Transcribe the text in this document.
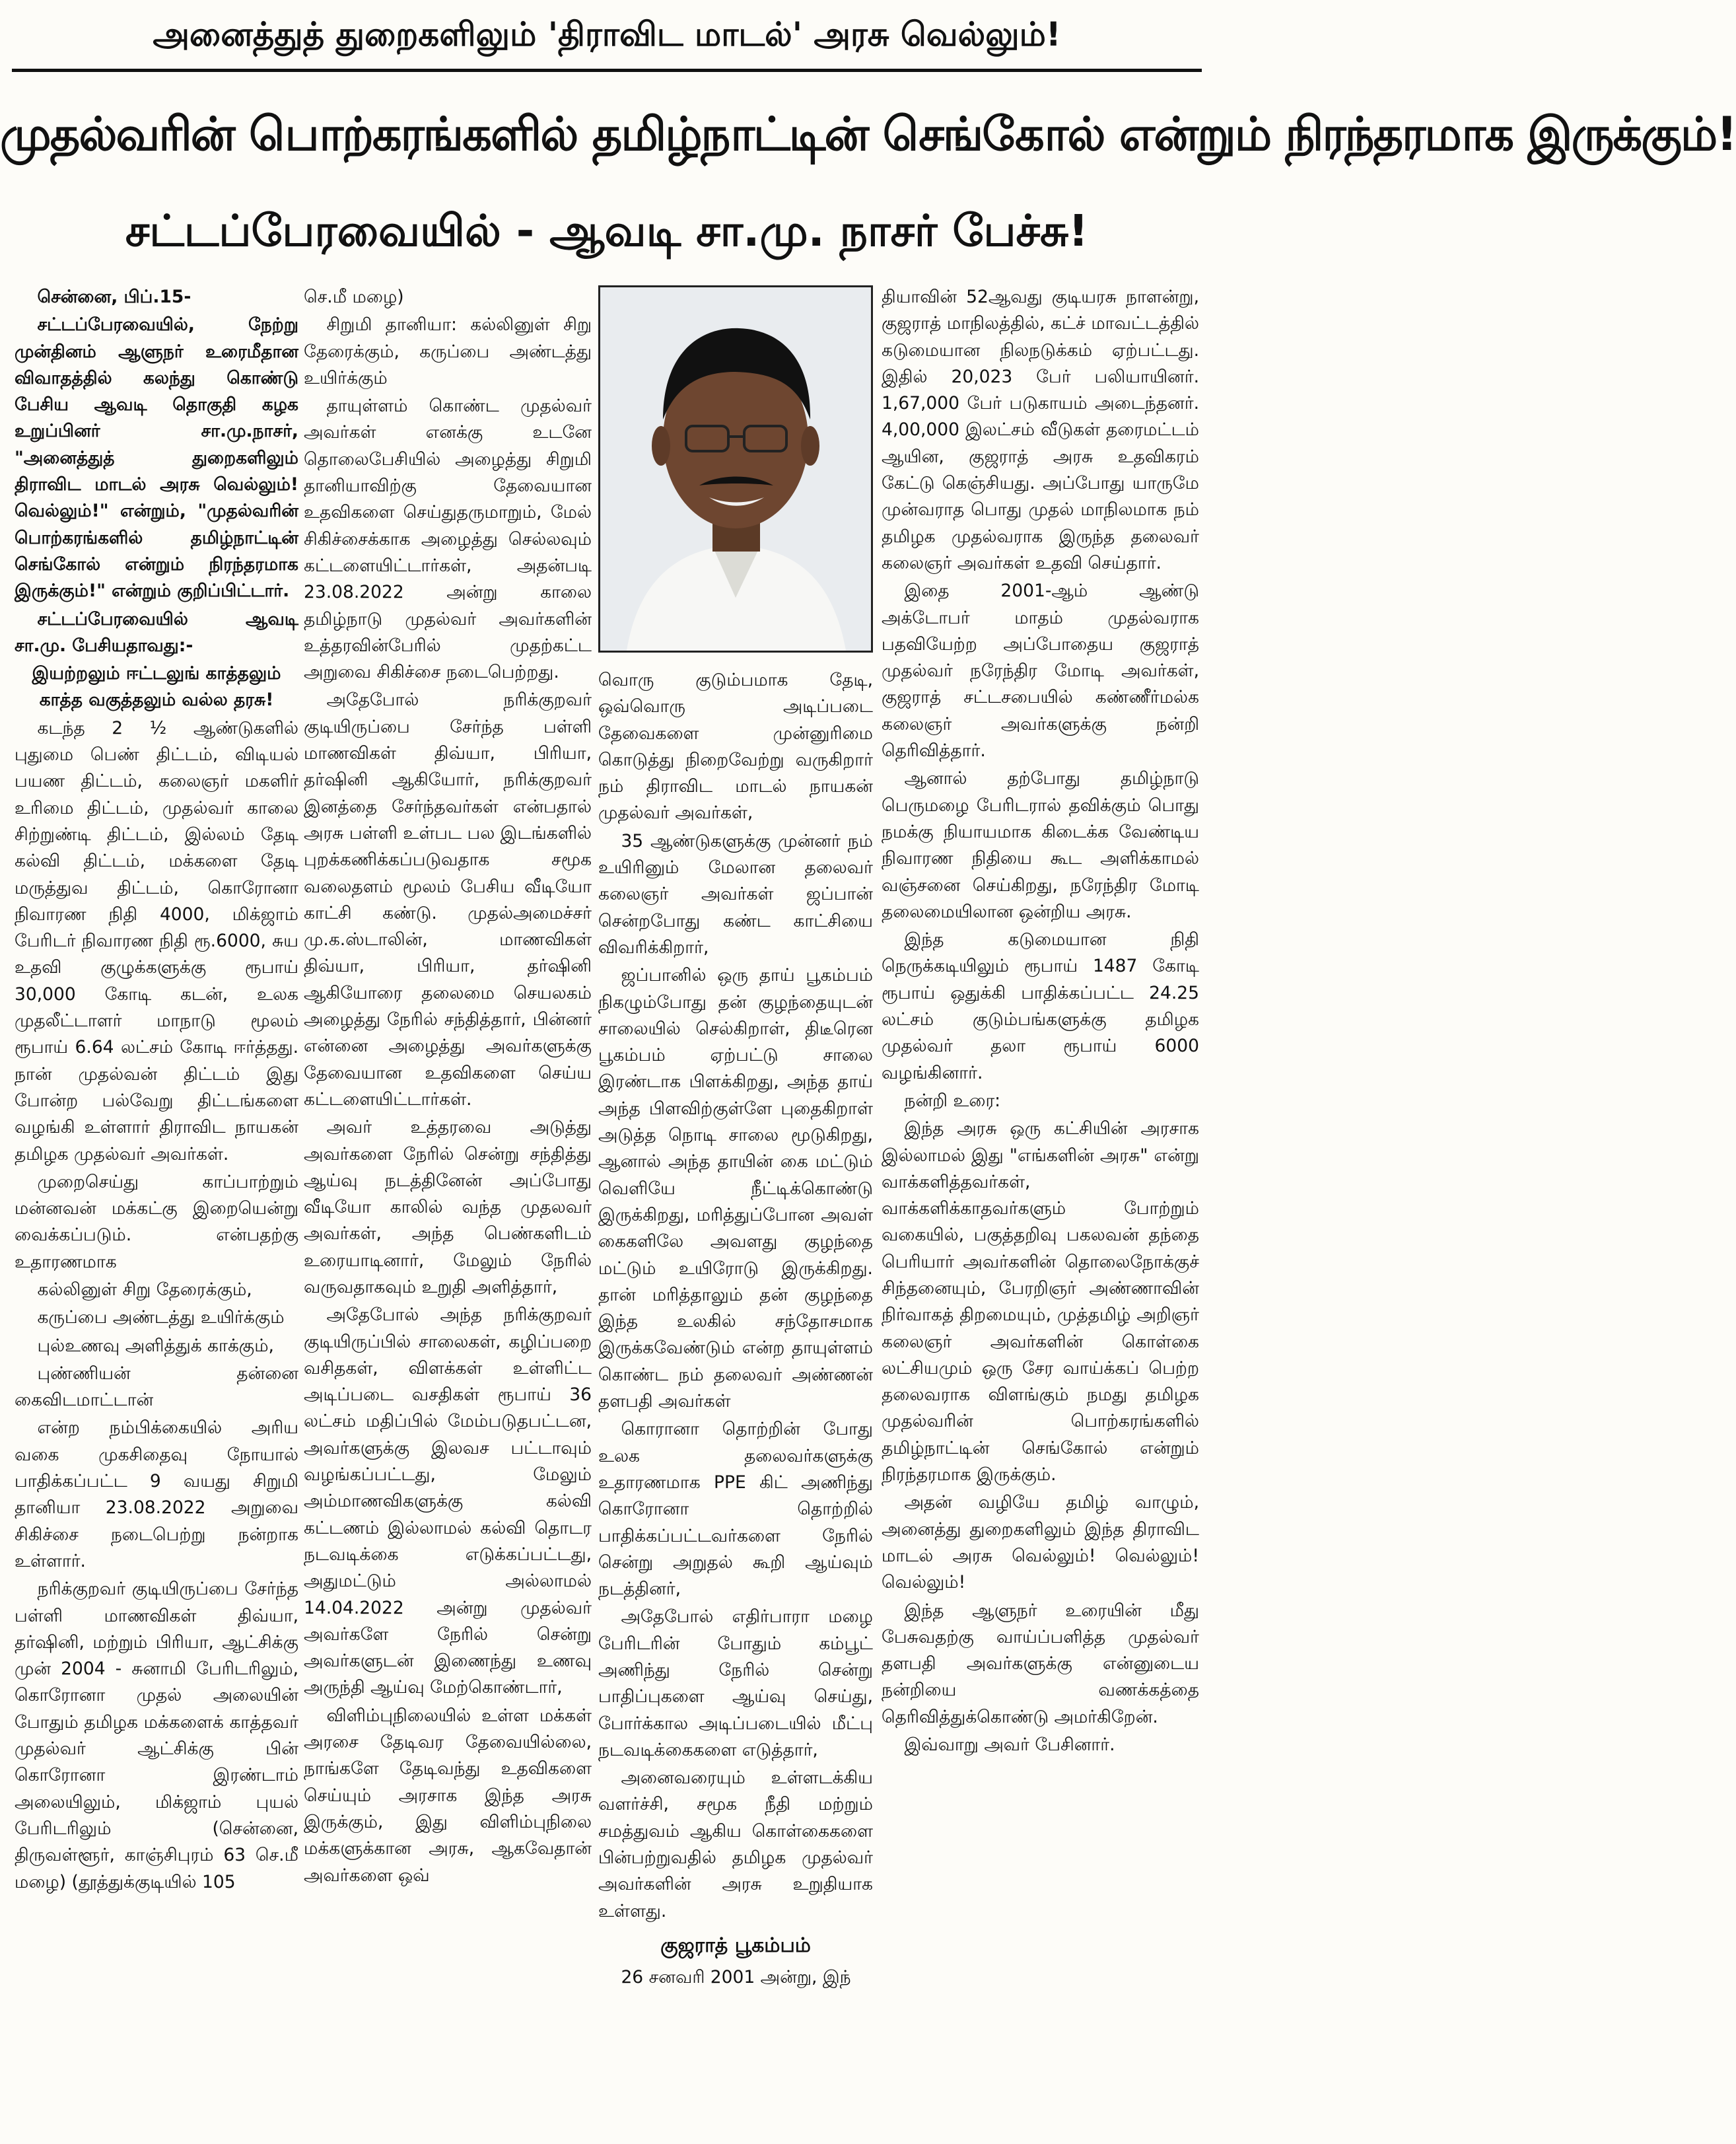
அனைத்துத் துறைகளிலும் 'திராவிட மாடல்' அரசு வெல்லும்!
முதல்வரின் பொற்கரங்களில் தமிழ்நாட்டின் செங்கோல் என்றும் நிரந்தரமாக இருக்கும்!
சட்டப்பேரவையில் - ஆவடி சா.மு. நாசர் பேச்சு!

சென்னை, பிப்.15-

சட்டப்பேரவையில், நேற்று முன்தினம் ஆளுநர் உரைமீதான விவாதத்தில் கலந்து கொண்டு பேசிய ஆவடி தொகுதி கழக உறுப்பினர் சா.மு.நாசர், "அனைத்துத் துறைகளிலும் திராவிட மாடல் அரசு வெல்லும்! வெல்லும்!" என்றும், "முதல்வரின் பொற்கரங்களில் தமிழ்நாட்டின் செங்கோல் என்றும் நிரந்தரமாக இருக்கும்!" என்றும் குறிப்பிட்டார்.

சட்டப்பேரவையில் ஆவடி சா.மு. பேசியதாவது:-

இயற்றலும் ஈட்டலுங் காத்தலும் காத்த வகுத்தலும் வல்ல தரசு!

கடந்த 2 ½ ஆண்டுகளில் புதுமை பெண் திட்டம், விடியல் பயண திட்டம், கலைஞர் மகளிர் உரிமை திட்டம், முதல்வர் காலை சிற்றுண்டி திட்டம், இல்லம் தேடி கல்வி திட்டம், மக்களை தேடி மருத்துவ திட்டம், கொரோனா நிவாரண நிதி 4000, மிக்ஜாம் பேரிடர் நிவாரண நிதி ரூ.6000, சுய உதவி குழுக்களுக்கு ரூபாய் 30,000 கோடி கடன், உலக முதலீட்டாளர் மாநாடு மூலம் ரூபாய் 6.64 லட்சம் கோடி ஈர்த்தது. நான் முதல்வன் திட்டம் இது போன்ற பல்வேறு திட்டங்களை வழங்கி உள்ளார் திராவிட நாயகன் தமிழக முதல்வர் அவர்கள்.

முறைசெய்து காப்பாற்றும் மன்னவன் மக்கட்கு இறையென்று வைக்கப்படும். என்பதற்கு உதாரணமாக

கல்லினுள் சிறு தேரைக்கும்,

கருப்பை அண்டத்து உயிர்க்கும்

புல்உணவு அளித்துக் காக்கும்,

புண்ணியன் தன்னை கைவிடமாட்டான்

என்ற நம்பிக்கையில் அரிய வகை முகசிதைவு நோயால் பாதிக்கப்பட்ட 9 வயது சிறுமி தானியா 23.08.2022 அறுவை சிகிச்சை நடைபெற்று நன்றாக உள்ளார்.

நரிக்குறவர் குடியிருப்பை சேர்ந்த பள்ளி மாணவிகள் திவ்யா, தர்ஷினி, மற்றும் பிரியா, ஆட்சிக்கு முன் 2004 - சுனாமி பேரிடரிலும், கொரோனா முதல் அலையின் போதும் தமிழக மக்களைக் காத்தவர் முதல்வர் ஆட்சிக்கு பின் கொரோனா இரண்டாம் அலையிலும், மிக்ஜாம் புயல் பேரிடரிலும் (சென்னை, திருவள்ளூர், காஞ்சிபுரம் 63 செ.மீ மழை) (தூத்துக்குடியில் 105

செ.மீ மழை)

சிறுமி தானியா: கல்லினுள் சிறு தேரைக்கும், கருப்பை அண்டத்து உயிர்க்கும்

தாயுள்ளம் கொண்ட முதல்வர் அவர்கள் எனக்கு உடனே தொலைபேசியில் அழைத்து சிறுமி தானியாவிற்கு தேவையான உதவிகளை செய்துதருமாறும், மேல் சிகிச்சைக்காக அழைத்து செல்லவும் கட்டளையிட்டார்கள், அதன்படி 23.08.2022 அன்று காலை தமிழ்நாடு முதல்வர் அவர்களின் உத்தரவின்பேரில் முதற்கட்ட அறுவை சிகிச்சை நடைபெற்றது.

அதேபோல் நரிக்குறவர் குடியிருப்பை சேர்ந்த பள்ளி மாணவிகள் திவ்யா, பிரியா, தர்ஷினி ஆகியோர், நரிக்குறவர் இனத்தை சேர்ந்தவர்கள் என்பதால் அரசு பள்ளி உள்பட பல இடங்களில் புறக்கணிக்கப்படுவதாக சமூக வலைதளம் மூலம் பேசிய வீடியோ காட்சி கண்டு. முதல்அமைச்சர் மு.க.ஸ்டாலின், மாணவிகள் திவ்யா, பிரியா, தர்ஷினி ஆகியோரை தலைமை செயலகம் அழைத்து நேரில் சந்தித்தார், பின்னர் என்னை அழைத்து அவர்களுக்கு தேவையான உதவிகளை செய்ய கட்டளையிட்டார்கள்.

அவர் உத்தரவை அடுத்து அவர்களை நேரில் சென்று சந்தித்து ஆய்வு நடத்தினேன் அப்போது வீடியோ காலில் வந்த முதலவர் அவர்கள், அந்த பெண்களிடம் உரையாடினார், மேலும் நேரில் வருவதாகவும் உறுதி அளித்தார்,

அதேபோல் அந்த நரிக்குறவர் குடியிருப்பில் சாலைகள், கழிப்பறை வசிதகள், விளக்கள் உள்ளிட்ட அடிப்படை வசதிகள் ரூபாய் 36 லட்சம் மதிப்பில் மேம்படுதபட்டன, அவர்களுக்கு இலவச பட்டாவும் வழங்கப்பட்டது, மேலும் அம்மாணவிகளுக்கு கல்வி கட்டணம் இல்லாமல் கல்வி தொடர நடவடிக்கை எடுக்கப்பட்டது, அதுமட்டும் அல்லாமல் 14.04.2022 அன்று முதல்வர் அவர்களே நேரில் சென்று அவர்களுடன் இணைந்து உணவு அருந்தி ஆய்வு மேற்கொண்டார்,

விளிம்புநிலையில் உள்ள மக்கள் அரசை தேடிவர தேவையில்லை, நாங்களே தேடிவந்து உதவிகளை செய்யும் அரசாக இந்த அரசு இருக்கும், இது விளிம்புநிலை மக்களுக்கான அரசு, ஆகவேதான் அவர்களை ஒவ்

வொரு குடும்பமாக தேடி, ஒவ்வொரு அடிப்படை தேவைகளை முன்னுரிமை கொடுத்து நிறைவேற்று வருகிறார் நம் திராவிட மாடல் நாயகன் முதல்வர் அவர்கள்,

35 ஆண்டுகளுக்கு முன்னர் நம் உயிரினும் மேலான தலைவர் கலைஞர் அவர்கள் ஜப்பான் சென்றபோது கண்ட காட்சியை விவரிக்கிறார்,

ஜப்பானில் ஒரு தாய் பூகம்பம் நிகழும்போது தன் குழந்தையுடன் சாலையில் செல்கிறாள், திடீரென பூகம்பம் ஏற்பட்டு சாலை இரண்டாக பிளக்கிறது, அந்த தாய் அந்த பிளவிற்குள்ளே புதைகிறாள் அடுத்த நொடி சாலை மூடுகிறது, ஆனால் அந்த தாயின் கை மட்டும் வெளியே நீட்டிக்கொண்டு இருக்கிறது, மரித்துப்போன அவள் கைகளிலே அவளது குழந்தை மட்டும் உயிரோடு இருக்கிறது. தான் மரித்தாலும் தன் குழந்தை இந்த உலகில் சந்தோசமாக இருக்கவேண்டும் என்ற தாயுள்ளம் கொண்ட நம் தலைவர் அண்ணன் தளபதி அவர்கள்

கொரானா தொற்றின் போது உலக தலைவர்களுக்கு உதாரணமாக PPE கிட் அணிந்து கொரோனா தொற்றில் பாதிக்கப்பட்டவர்களை நேரில் சென்று அறுதல் கூறி ஆய்வும் நடத்தினர்,

அதேபோல் எதிர்பாரா மழை பேரிடரின் போதும் கம்பூட் அணிந்து நேரில் சென்று பாதிப்புகளை ஆய்வு செய்து, போர்க்கால அடிப்படையில் மீட்பு நடவடிக்கைகளை எடுத்தார்,

அனைவரையும் உள்ளடக்கிய வளர்ச்சி, சமூக நீதி மற்றும் சமத்துவம் ஆகிய கொள்கைகளை பின்பற்றுவதில் தமிழக முதல்வர் அவர்களின் அரசு உறுதியாக உள்ளது.

குஜராத் பூகம்பம்

26 சனவரி 2001 அன்று, இந்

தியாவின் 52ஆவது குடியரசு நாளன்று, குஜராத் மாநிலத்தில், கட்ச் மாவட்டத்தில் கடுமையான நிலநடுக்கம் ஏற்பட்டது. இதில் 20,023 பேர் பலியாயினர். 1,67,000 பேர் படுகாயம் அடைந்தனர். 4,00,000 இலட்சம் வீடுகள் தரைமட்டம் ஆயின, குஜராத் அரசு உதவிகரம் கேட்டு கெஞ்சியது. அப்போது யாருமே முன்வராத பொது முதல் மாநிலமாக நம் தமிழக முதல்வராக இருந்த தலைவர் கலைஞர் அவர்கள் உதவி செய்தார்.

இதை 2001-ஆம் ஆண்டு அக்டோபர் மாதம் முதல்வராக பதவியேற்ற அப்போதைய குஜராத் முதல்வர் நரேந்திர மோடி அவர்கள், குஜராத் சட்டசபையில் கண்ணீர்மல்க கலைஞர் அவர்களுக்கு நன்றி தெரிவித்தார்.

ஆனால் தற்போது தமிழ்நாடு பெருமழை பேரிடரால் தவிக்கும் பொது நமக்கு நியாயமாக கிடைக்க வேண்டிய நிவாரண நிதியை கூட அளிக்காமல் வஞ்சனை செய்கிறது, நரேந்திர மோடி தலைமையிலான ஒன்றிய அரசு.

இந்த கடுமையான நிதி நெருக்கடியிலும் ரூபாய் 1487 கோடி ரூபாய் ஒதுக்கி பாதிக்கப்பட்ட 24.25 லட்சம் குடும்பங்களுக்கு தமிழக முதல்வர் தலா ரூபாய் 6000 வழங்கினார்.

நன்றி உரை:

இந்த அரசு ஒரு கட்சியின் அரசாக இல்லாமல் இது "எங்களின் அரசு" என்று வாக்களித்தவர்கள், வாக்களிக்காதவர்களும் போற்றும் வகையில், பகுத்தறிவு பகலவன் தந்தை பெரியார் அவர்களின் தொலைநோக்குச் சிந்தனையும், பேரறிஞர் அண்ணாவின் நிர்வாகத் திறமையும், முத்தமிழ் அறிஞர் கலைஞர் அவர்களின் கொள்கை லட்சியமும் ஒரு சேர வாய்க்கப் பெற்ற தலைவராக விளங்கும் நமது தமிழக முதல்வரின் பொற்கரங்களில் தமிழ்நாட்டின் செங்கோல் என்றும் நிரந்தரமாக இருக்கும்.

அதன் வழியே தமிழ் வாழும், அனைத்து துறைகளிலும் இந்த திராவிட மாடல் அரசு வெல்லும்! வெல்லும்! வெல்லும்!

இந்த ஆளுநர் உரையின் மீது பேசுவதற்கு வாய்ப்பளித்த முதல்வர் தளபதி அவர்களுக்கு என்னுடைய நன்றியை வணக்கத்தை தெரிவித்துக்கொண்டு அமர்கிறேன்.

இவ்வாறு அவர் பேசினார்.
